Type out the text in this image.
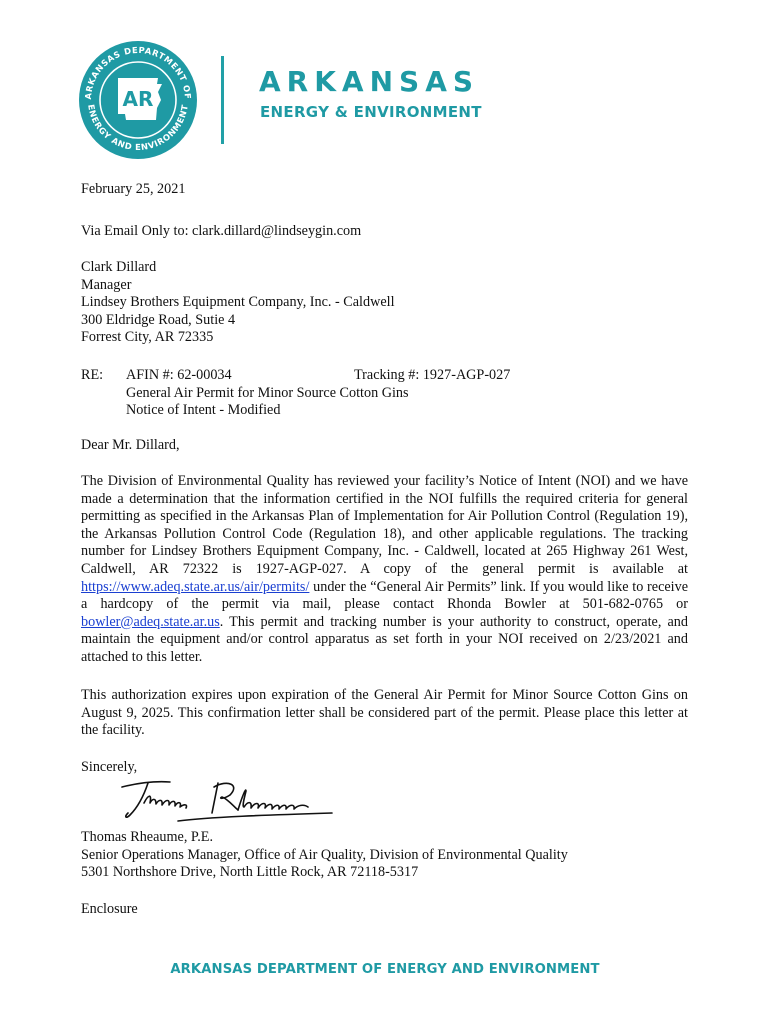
ARKANSAS DEPARTMENT OF
ENERGY AND ENVIRONMENT
AR
ARKANSAS
ENERGY & ENVIRONMENT
February 25, 2021
Via Email Only to: clark.dillard@lindseygin.com
Clark Dillard
Manager
Lindsey Brothers Equipment Company, Inc. - Caldwell
300 Eldridge Road, Sutie 4
Forrest City, AR 72335
RE: AFIN #: 62-00034
General Air Permit for Minor Source Cotton Gins
Notice of Intent - Modified
Tracking #: 1927-AGP-027
Dear Mr. Dillard,

The Division of Environmental Quality has reviewed your facility’s Notice of Intent (NOI) and we have made a determination that the information certified in the NOI fulfills the required criteria for general permitting as specified in the Arkansas Plan of Implementation for Air Pollution Control (Regulation 19), the Arkansas Pollution Control Code (Regulation 18), and other applicable regulations. The tracking number for Lindsey Brothers Equipment Company, Inc. - Caldwell, located at 265 Highway 261 West, Caldwell, AR 72322 is 1927-AGP-027. A copy of the general permit is available at https://www.adeq.state.ar.us/air/permits/ under the “General Air Permits” link. If you would like to receive a hardcopy of the permit via mail, please contact Rhonda Bowler at 501-682-0765 or bowler@adeq.state.ar.us. This permit and tracking number is your authority to construct, operate, and maintain the equipment and/or control apparatus as set forth in your NOI received on 2/23/2021 and attached to this letter.

This authorization expires upon expiration of the General Air Permit for Minor Source Cotton Gins on August 9, 2025. This confirmation letter shall be considered part of the permit. Please place this letter at the facility.

Sincerely,
Thomas Rheaume, P.E.
Senior Operations Manager, Office of Air Quality, Division of Environmental Quality
5301 Northshore Drive, North Little Rock, AR 72118-5317
Enclosure
ARKANSAS DEPARTMENT OF ENERGY AND ENVIRONMENT
